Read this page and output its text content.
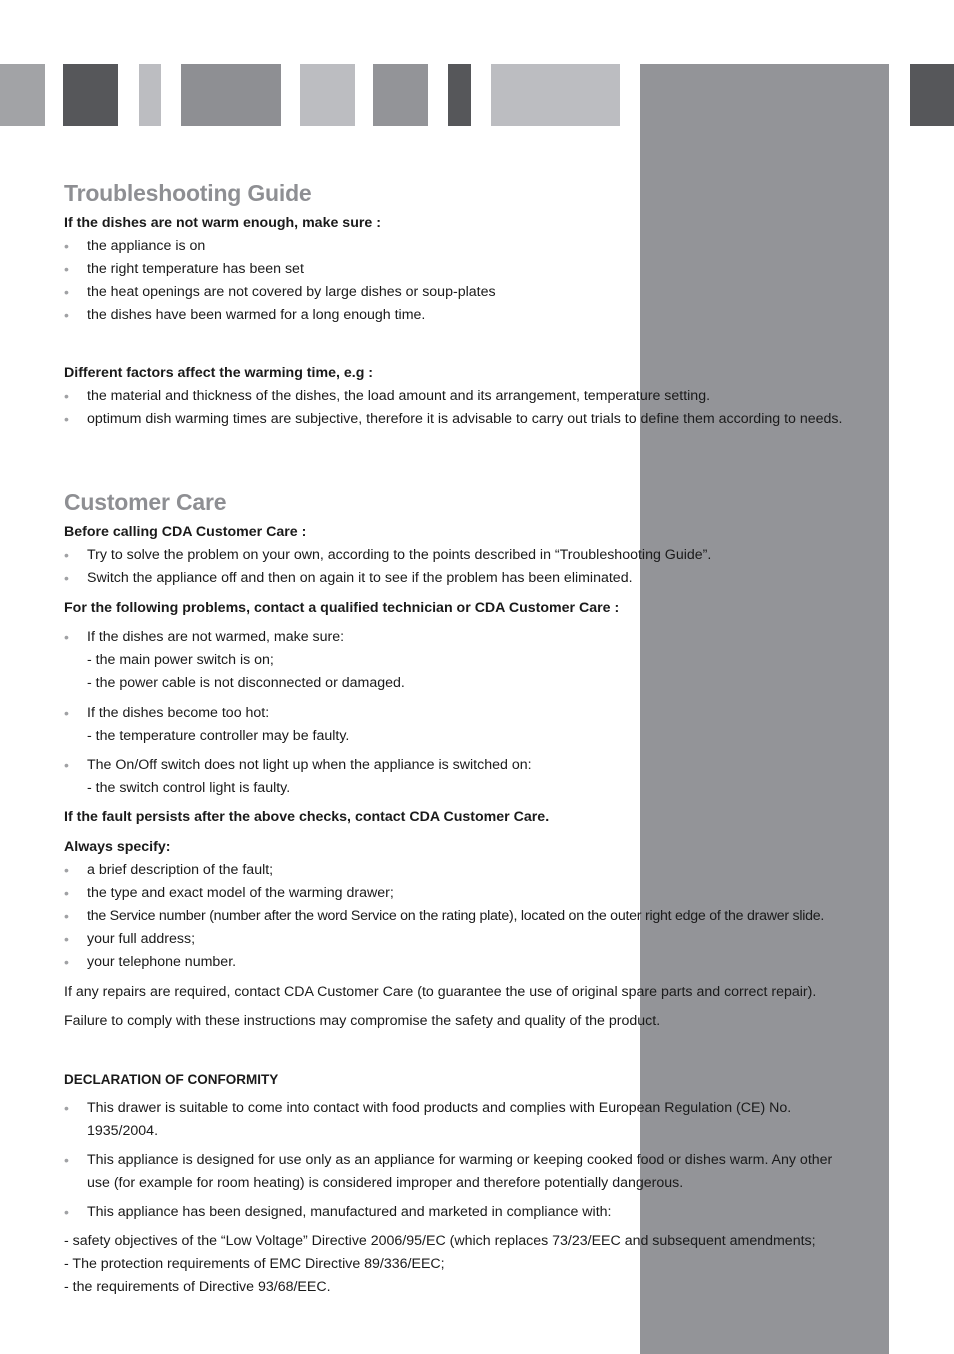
Troubleshooting Guide

If the dishes are not warm enough, make sure :

• the appliance is on
• the right temperature has been set
• the heat openings are not covered by large dishes or soup-plates
• the dishes have been warmed for a long enough time.

Different factors affect the warming time, e.g :

• the material and thickness of the dishes, the load amount and its arrangement, temperature setting.
• optimum dish warming times are subjective, therefore it is advisable to carry out trials to define them according to needs.
Customer Care

Before calling CDA Customer Care :

• Try to solve the problem on your own, according to the points described in “Troubleshooting Guide”.
• Switch the appliance off and then on again it to see if the problem has been eliminated.

For the following problems, contact a qualified technician or CDA Customer Care :

• If the dishes are not warmed, make sure:
- the main power switch is on;
- the power cable is not disconnected or damaged.
• If the dishes become too hot:
- the temperature controller may be faulty.
• The On/Off switch does not light up when the appliance is switched on:
- the switch control light is faulty.

If the fault persists after the above checks, contact CDA Customer Care.

Always specify:

• a brief description of the fault;
• the type and exact model of the warming drawer;
• the Service number (number after the word Service on the rating plate), located on the outer right edge of the drawer slide.
• your full address;
• your telephone number.

If any repairs are required, contact CDA Customer Care (to guarantee the use of original spare parts and correct repair).

Failure to comply with these instructions may compromise the safety and quality of the product.

DECLARATION OF CONFORMITY

• This drawer is suitable to come into contact with food products and complies with European Regulation (CE) No. 1935/2004.
• This appliance is designed for use only as an appliance for warming or keeping cooked food or dishes warm. Any other use (for example for room heating) is considered improper and therefore potentially dangerous.
• This appliance has been designed, manufactured and marketed in compliance with:

- safety objectives of the “Low Voltage” Directive 2006/95/EC (which replaces 73/23/EEC and subsequent amendments;

- The protection requirements of EMC Directive 89/336/EEC;

- the requirements of Directive 93/68/EEC.
